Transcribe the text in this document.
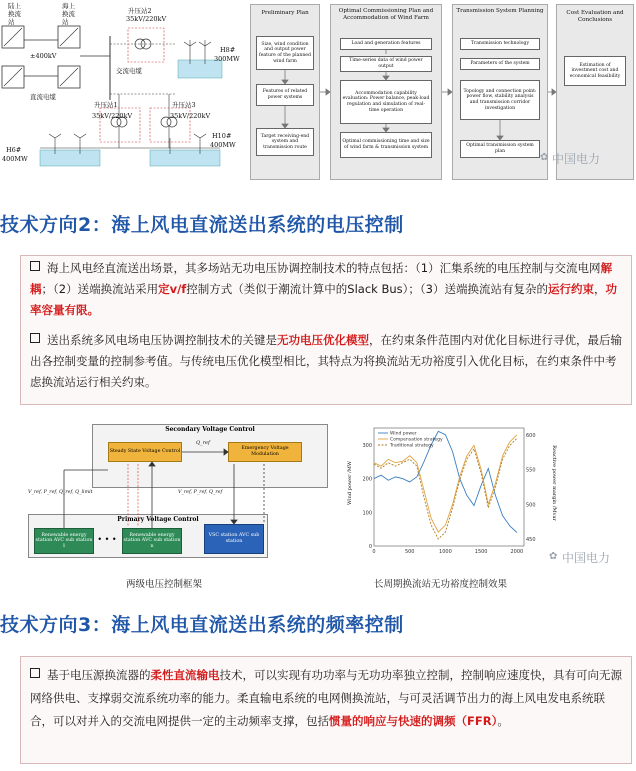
陆上换流站
海上换流站
±400kV
直流电缆
交流电缆
升压站2
35kV/220kV
升压站1
35kV/220kV
升压站3
35kV/220kV
H8#
300MW
H6#
400MW
H10#
400MW
Preliminary Plan
Size, wind condition and output power feature of the planned wind farm
Features of related power systems
Target receiving-end system and transmission route
Optimal Commissioning Plan and Accommodation of Wind Farm
Load and generation features
Time-series data of wind power output
Accommodation capability evaluation: Power balance, peak-load regulation and simulation of real-time operation
Optimal commissioning time and size of wind farm & transmission system
Transmission System Planning
Transmission technology
Parameters of the system
Topology and connection point: power flow, stability analysis and transmission corridor investigation
Optimal transmission system plan
Cost Evaluation and Conclusions
Estimation of investment cost and economical feasibility
中国电力
✿
技术方向2：海上风电直流送出系统的电压控制
海上风电经直流送出场景，其多场站无功电压协调控制技术的特点包括：（1）汇集系统的电压控制与交流电网解耦；（2）送端换流站采用定v/f控制方式（类似于潮流计算中的Slack Bus）；（3）送端换流站有复杂的运行约束，功率容量有限。
送出系统多风电场电压协调控制技术的关键是无功电压优化模型，在约束条件范围内对优化目标进行寻优，最后输出各控制变量的控制参考值。与传统电压优化模型相比，其特点为将换流站无功裕度引入优化目标，在约束条件中考虑换流站运行相关约束。
Secondary Voltage Control
Steady State Voltage Control
Emergency Voltage Modulation
Q_ref
V_ref, P_ref, Q_ref, Q_limit	V_ref, P_ref, Q_ref
Primary Voltage Control
Renewable energy station AVC sub station 1
• • •
Renewable energy station AVC sub station n
VSC station AVC sub station
两级电压控制框架
0	500	1000	1500	2000
0
100
200
300
450
500
550
600
Wind power
Compensation strategy
Traditional strategy
Wind power /MW	Reactive power margin /Mvar
长周期换流站无功裕度控制效果
中国电力
✿
技术方向3：海上风电直流送出系统的频率控制
基于电压源换流器的柔性直流输电技术，可以实现有功功率与无功功率独立控制，控制响应速度快，具有可向无源网络供电、支撑弱交流系统功率的能力。柔直输电系统的电网侧换流站，与可灵活调节出力的海上风电发电系统联合，可以对并入的交流电网提供一定的主动频率支撑，包括惯量的响应与快速的调频（FFR）。
